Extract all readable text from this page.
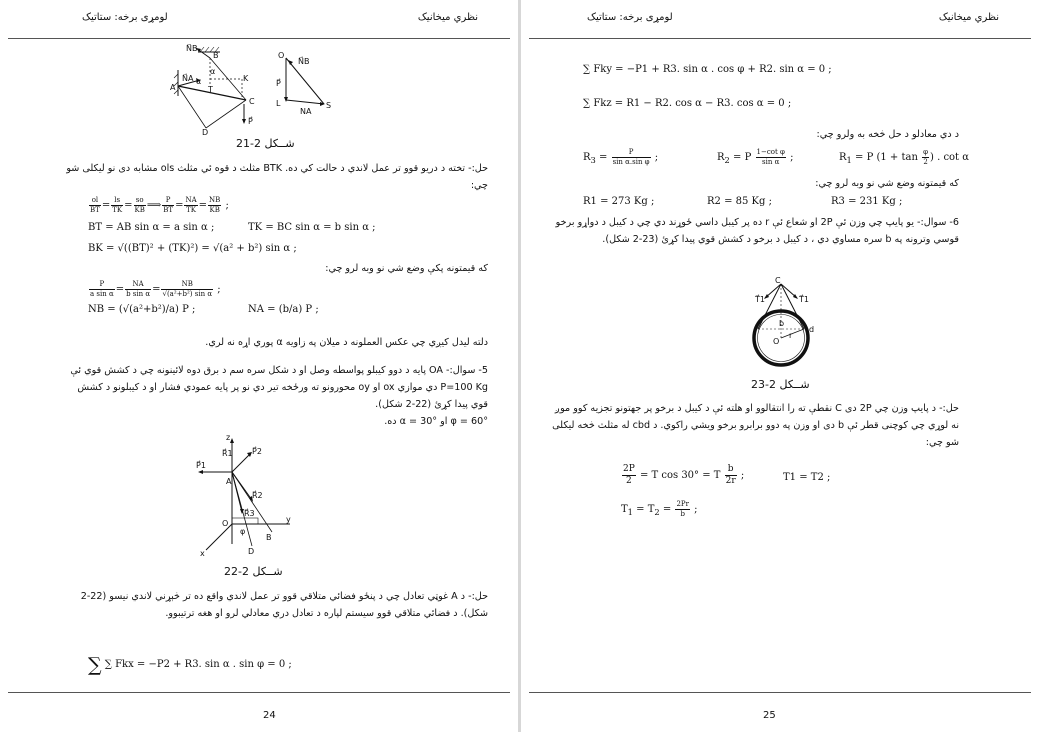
نظري ميخانيک
لومړی برخه: ستاتيک
N⃗B
B
A
N⃗A α
α
T
K
C
D
P⃗
O
N⃗B
P⃗
L
NA
S
21-2 شــکل
حل:- تخته د دريو قوو تر عمل لاندي د حالت کي ده. BTK مثلث د قوه ئي مثلث ols مشابه دی نو ليکلی شو چي:
$\frac{ol}{BT} = \frac{ls}{TK} = \frac{so}{KB}$ ⟹ $\frac{P}{BT} = \frac{NA}{TK} = \frac{NB}{KB}$ ;
BT = AB sin α = a sin α ;	TK = BC sin α = b sin α ;
BK = √((BT)² + (TK)²) = √(a² + b²) sin α ;
که قيمتونه پکې وضع شي نو وبه لرو چي:
$\frac{P}{\text{a sin α}} = \frac{NA}{\text{b sin α}} = \frac{NB}{\text{√(a²+b²) sin α}}$ ;
NB = (√(a²+b²)/a) P ;	NA = (b/a) P ;
دلته ليدل کيږي چي عکس العملونه د ميلان په زاويه α پوري اړه نه لري.
5- سوال:- OA پايه د دوو کيبلو پواسطه وصل او د شکل سره سم د برق دوه لائينونه چي د کشش قوي ئې P=100 Kg دي موازي ox او oy محورونو ته ورځخه تير دي نو پر پايه عمودي فشار او د کيبلونو د کشش قوي پيدا کړئ (22-2 شکل).
φ = 60° او α = 30° ده.
z
P⃗1
P⃗2
R⃗1
A
R⃗2
R⃗3
O
φ
y
x
B
D
22-2 شــکل
حل:- د A غوټي تعادل چي د پنځو فضائي متلاقي قوو تر عمل لاندي واقع ده تر څېړني لاندي نيسو (22-2 شکل). د فضائي متلاقي قوو سيستم لپاره د تعادل دري معادلي لرو او هغه ترتيبوو.
∑ ∑ Fkx = −P2 + R3. sin α . sin φ = 0 ;
24
نظري ميخانيک
لومړی برخه: ستاتيک
∑ Fky = −P1 + R3. sin α . cos φ + R2. sin α = 0 ;
∑ Fkz = R1 − R2. cos α − R3. cos α = 0 ;
د دي معادلو د حل څخه به ولرو چي:
$R_3 = \frac{P}{\text{sin α.sin φ}}$ ;	$R_2 = P \frac{\text{1−cot φ}}{\text{sin α}}$ ;	$R_1 = P$ ($1 + \tan \frac{\varphi}{2}$ ) . cot α
که قيمتونه وضع شي نو وبه لرو چي:
R1 = 273 Kg ;	R2 = 85 Kg ;	R3 = 231 Kg ;
6- سوال:- يو پايپ چي وزن ئې 2P او شعاع ئې r ده پر کيبل داسي ځوړند دي چي د کيبل د دواړو برخو قوسي وترونه په b سره مساوي دي ، د کيبل د برخو د کشش قوي پيدا کړئ (23-2 شکل).
C
T⃗1	T⃗1
b
d
O
r
23-2 شــکل
حل:- د پايپ وزن چي 2P دی C نقطې ته را انتقالوو او هلته ئې د کيبل د برخو پر جهتونو تجزيه کوو موږ نه لوړي چي کوچنی قطر ئې b دی او وزن په دوو برابرو برخو ويشي راکوي. د cbd له مثلث څخه ليکلی شو چي:
$\frac{2P}{2} = T$ cos 30° = T $\frac{b}{2r}$ ;	T1 = T2 ;
$T_1 = T_2 = \frac{2Pr}{b}$ ;
25
